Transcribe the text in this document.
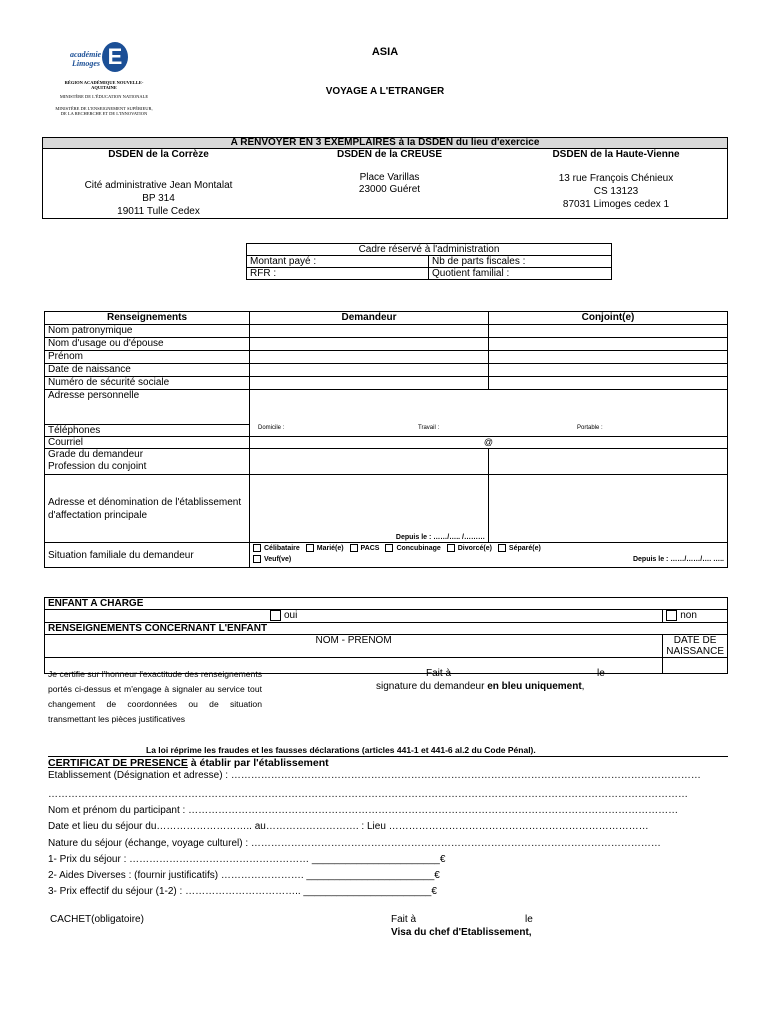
académie
Limoges E
RÉGION ACADÉMIQUE NOUVELLE-AQUITAINE
MINISTÈRE DE L'ÉDUCATION NATIONALE
MINISTÈRE DE L'ENSEIGNEMENT SUPÉRIEUR, DE LA RECHERCHE ET DE L'INNOVATION
ASIA
VOYAGE A L'ETRANGER
A RENVOYER EN 3 EXEMPLAIRES à la DSDEN du lieu d'exercice

DSDEN de la Corrèze
Cité administrative Jean Montalat
BP 314
19011 Tulle Cedex

DSDEN de la CREUSE
Place Varillas
23000 Guéret

DSDEN de la Haute-Vienne
13 rue François Chénieux
CS 13123
87031 Limoges cedex 1
Cadre réservé à l'administration	
Montant payé :	Nb de parts fiscales :
RFR :	Quotient familial :
Renseignements	Demandeur	Conjoint(e)
Nom patronymique		
Nom d'usage ou d'épouse		
Prénom		
Date de naissance		
Numéro de sécurité sociale		
Adresse personnelle		
Téléphones	Domicile : Travail : Portable :	

Courriel	@	

Grade du demandeur
Profession du conjoint		

Adresse et dénomination de l'établissement d'affectation principale	Depuis le : ……/….. /………	
Situation familiale du demandeur	Célibataire Marié(e) PACS Concubinage Divorcé(e) Séparé(e)
Veuf(ve) Depuis le : ……/……/…. …..	
ENFANT A CHARGE	
oui	non
RENSEIGNEMENTS CONCERNANT L'ENFANT	
NOM - PRENOM	DATE DE NAISSANCE

Je certifie sur l'honneur l'exactitude des renseignements portés ci-dessus et m'engage à signaler au service tout changement de coordonnées ou de situation transmettant les pièces justificatives
Fait à	le
signature du demandeur en bleu uniquement,
La loi réprime les fraudes et les fausses déclarations (articles 441-1 et 441-6 al.2 du Code Pénal).
CERTIFICAT DE PRESENCE à établir par l'établissement
Etablissement (Désignation et adresse) : ……………………………………………………………………………………………………………………………
…………………………………………………………………………………………………………………………………………………………………………
Nom et prénom du participant : …………………………………………………………………………………………………………………………………
Date et lieu du séjour du……………………….. au………………………. : Lieu ……………………………………………………………………
Nature du séjour (échange, voyage culturel) : ……………………………………………………………………………………………………………
1- Prix du séjour : ……………………………………………… _______________________€
2- Aides Diverses : (fournir justificatifs) ……………………. _______________________€
3- Prix effectif du séjour (1-2) : …………………………….. _______________________€
CACHET(obligatoire)	Fait à	le
Visa du chef d'Etablissement,
